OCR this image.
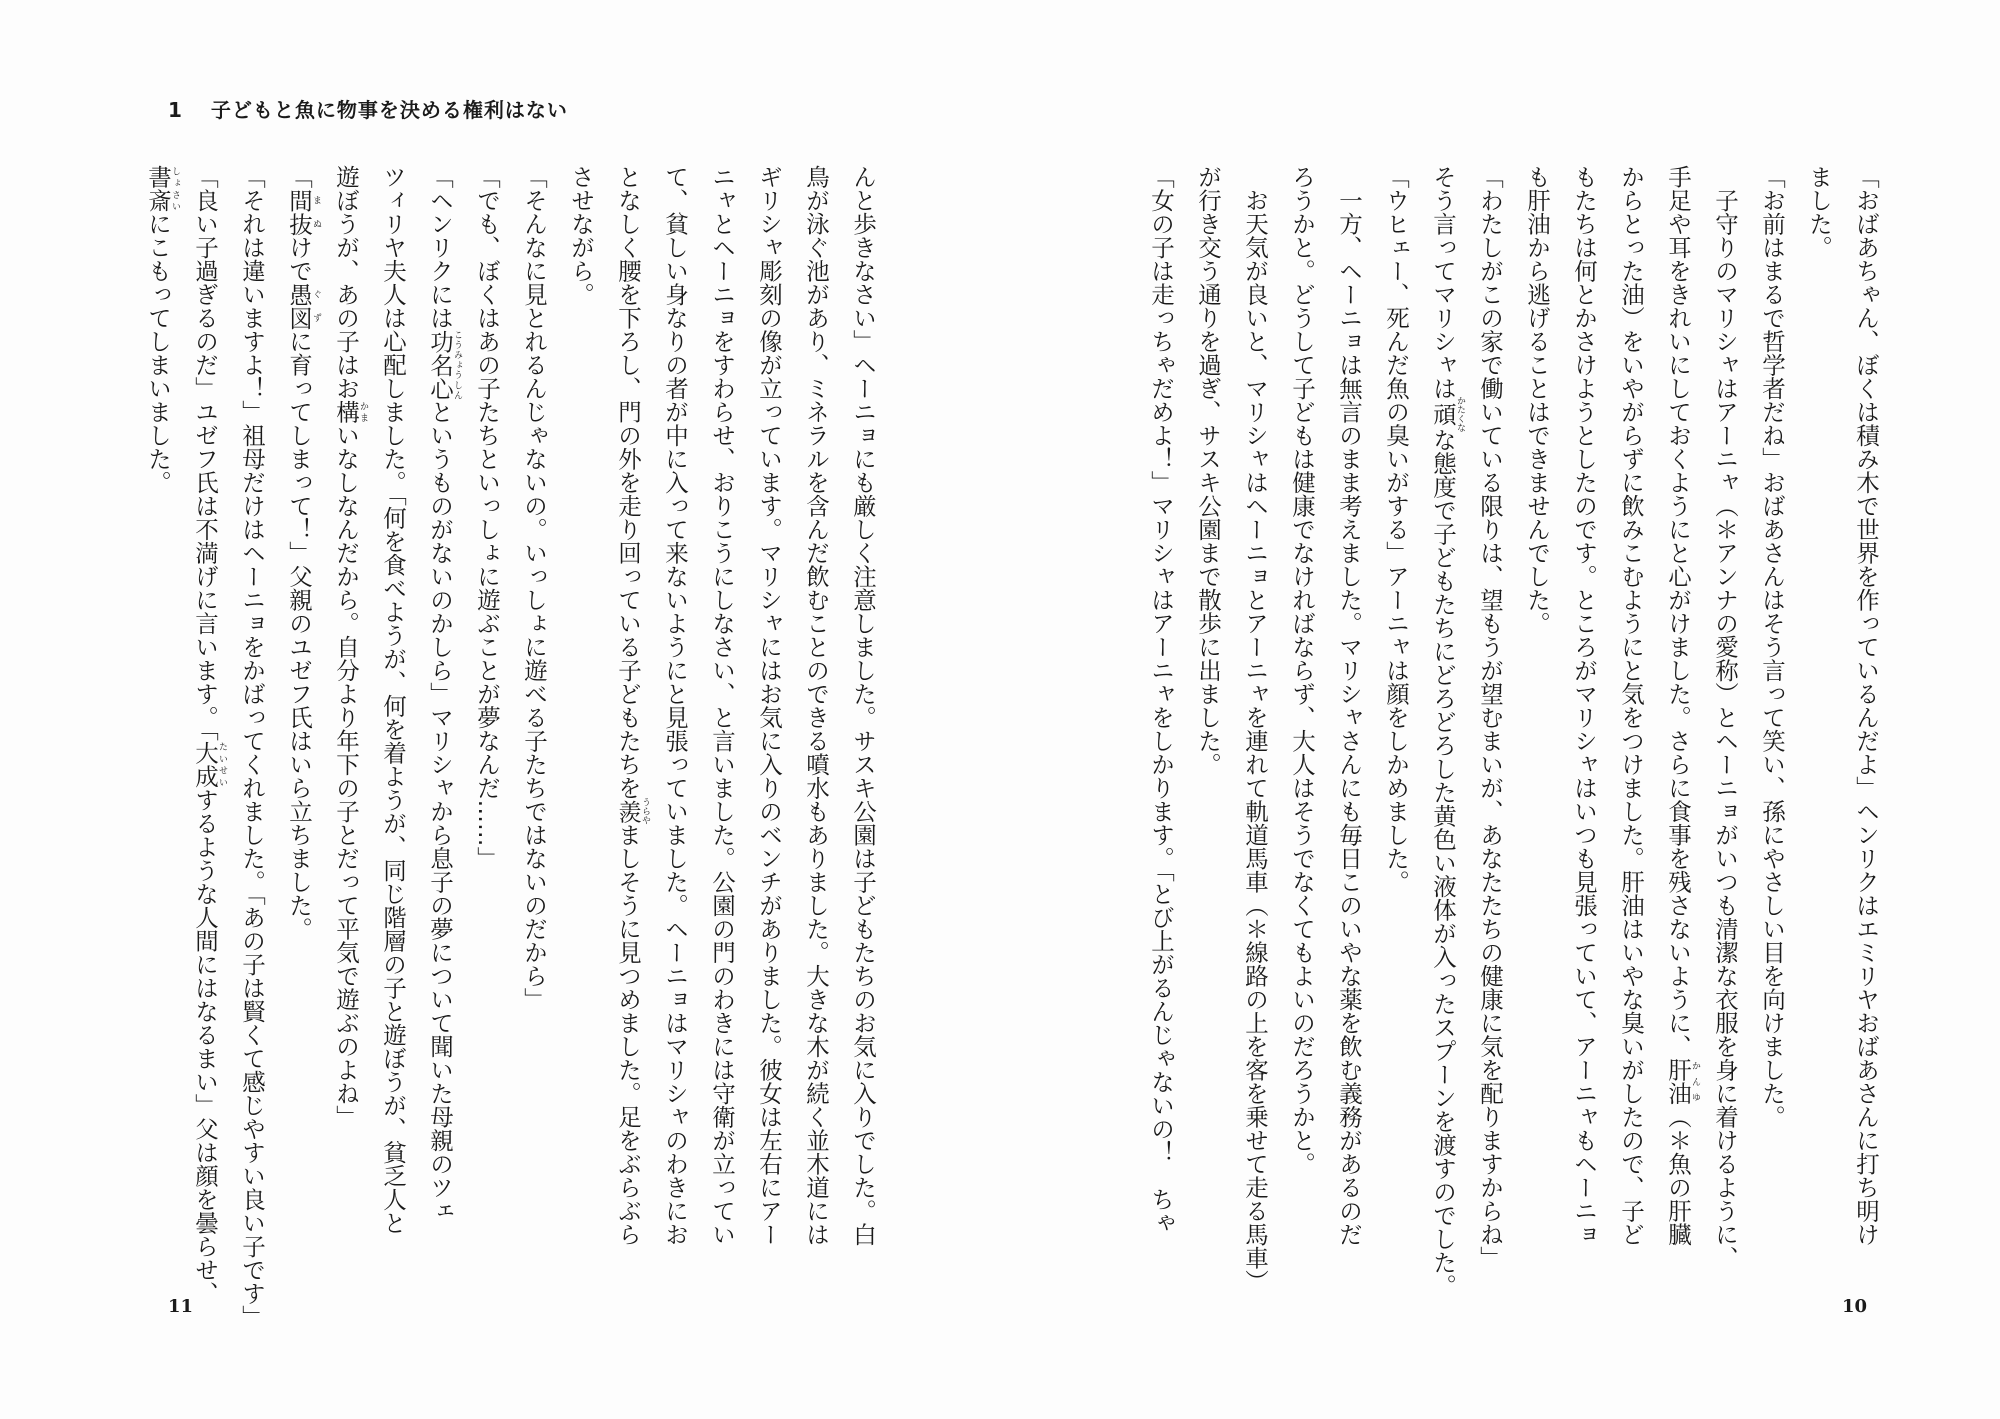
1 子どもと魚に物事を決める権利はない
んと歩きなさい」ヘーニョにも厳しく注意しました。サスキ公園は子どもたちのお気に入りでした。白
鳥が泳ぐ池があり、ミネラルを含んだ飲むことのできる噴水もありました。大きな木が続く並木道には
ギリシャ彫刻の像が立っています。マリシャにはお気に入りのベンチがありました。彼女は左右にアー
ニャとヘーニョをすわらせ、おりこうにしなさい、と言いました。公園の門のわきには守衛が立ってい
て、貧しい身なりの者が中に入って来ないようにと見張っていました。ヘーニョはマリシャのわきにお
となしく腰を下ろし、門の外を走り回っている子どもたちを羨うらやましそうに見つめました。足をぶらぶら
させながら。
「そんなに見とれるんじゃないの。いっしょに遊べる子たちではないのだから」
「でも、ぼくはあの子たちといっしょに遊ぶことが夢なんだ……」
「ヘンリクには功名心こうみょうしんというものがないのかしら」マリシャから息子の夢について聞いた母親のツェ
ツィリヤ夫人は心配しました。「何を食べようが、何を着ようが、同じ階層の子と遊ぼうが、貧乏人と
遊ぼうが、あの子はお構かまいなしなんだから。自分より年下の子とだって平気で遊ぶのよね」
「間抜まぬけで愚図ぐずに育ってしまって！」父親のユゼフ氏はいら立ちました。
「それは違いますよ！」祖母だけはヘーニョをかばってくれました。「あの子は賢くて感じやすい良い子です」
「良い子過ぎるのだ」ユゼフ氏は不満げに言います。「大成たいせいするような人間にはなるまい」父は顔を曇らせ、
書斎しょさいにこもってしまいました。
11
「おばあちゃん、ぼくは積み木で世界を作っているんだよ」ヘンリクはエミリヤおばあさんに打ち明け
ました。
「お前はまるで哲学者だね」おばあさんはそう言って笑い、孫にやさしい目を向けました。
　子守りのマリシャはアーニャ（＊アンナの愛称）とヘーニョがいつも清潔な衣服を身に着けるように、
手足や耳をきれいにしておくようにと心がけました。さらに食事を残さないように、肝油かんゆ（＊魚の肝臓
からとった油）をいやがらずに飲みこむようにと気をつけました。肝油はいやな臭いがしたので、子ど
もたちは何とかさけようとしたのです。ところがマリシャはいつも見張っていて、アーニャもヘーニョ
も肝油から逃げることはできませんでした。
「わたしがこの家で働いている限りは、望もうが望むまいが、あなたたちの健康に気を配りますからね」
そう言ってマリシャは頑かたくなな態度で子どもたちにどろどろした黄色い液体が入ったスプーンを渡すのでした。
「ウヒェー、死んだ魚の臭いがする」アーニャは顔をしかめました。
　一方、ヘーニョは無言のまま考えました。マリシャさんにも毎日このいやな薬を飲む義務があるのだ
ろうかと。どうして子どもは健康でなければならず、大人はそうでなくてもよいのだろうかと。
　お天気が良いと、マリシャはヘーニョとアーニャを連れて軌道馬車（＊線路の上を客を乗せて走る馬車）
が行き交う通りを過ぎ、サスキ公園まで散歩に出ました。
「女の子は走っちゃだめよ！」マリシャはアーニャをしかります。「とび上がるんじゃないの！　ちゃ
10
